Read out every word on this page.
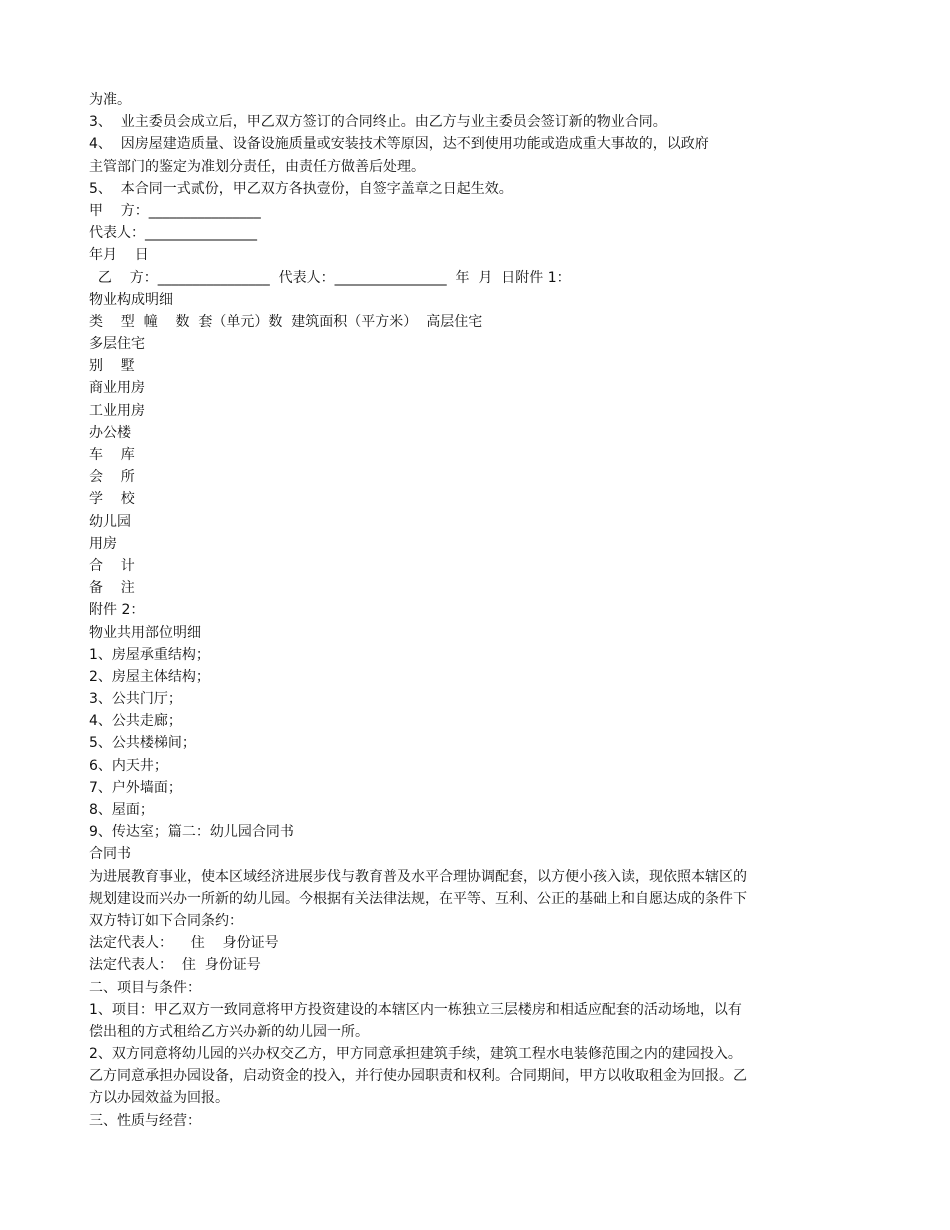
为准。

3、  业主委员会成立后，甲乙双方签订的合同终止。由乙方与业主委员会签订新的物业合同。

4、  因房屋建造质量、设备设施质量或安装技术等原因，达不到使用功能或造成重大事故的，以政府

主管部门的鉴定为准划分责任，由责任方做善后处理。

5、  本合同一式贰份，甲乙双方各执壹份，自签字盖章之日起生效。

甲    方：________________

代表人：________________

年月    日

乙    方：________________  代表人：________________  年  月  日附件 1：

物业构成明细

类    型  幢    数  套（单元）数  建筑面积（平方米）  高层住宅

多层住宅

别    墅

商业用房

工业用房

办公楼

车    库

会    所

学    校

幼儿园

用房

合    计

备    注

附件 2：

物业共用部位明细

1、房屋承重结构；

2、房屋主体结构；

3、公共门厅；

4、公共走廊；

5、公共楼梯间；

6、内天井；

7、户外墙面；

8、屋面；

9、传达室；篇二：幼儿园合同书

合同书

为进展教育事业，使本区域经济进展步伐与教育普及水平合理协调配套，以方便小孩入读，现依照本辖区的

规划建设而兴办一所新的幼儿园。今根据有关法律法规，在平等、互利、公正的基础上和自愿达成的条件下

双方特订如下合同条约：

法定代表人：    住    身份证号

法定代表人：  住  身份证号

二、项目与条件：

1、项目：甲乙双方一致同意将甲方投资建设的本辖区内一栋独立三层楼房和相适应配套的活动场地，以有

偿出租的方式租给乙方兴办新的幼儿园一所。

2、双方同意将幼儿园的兴办权交乙方，甲方同意承担建筑手续，建筑工程水电装修范围之内的建园投入。

乙方同意承担办园设备，启动资金的投入，并行使办园职责和权利。合同期间，甲方以收取租金为回报。乙

方以办园效益为回报。

三、性质与经营：
